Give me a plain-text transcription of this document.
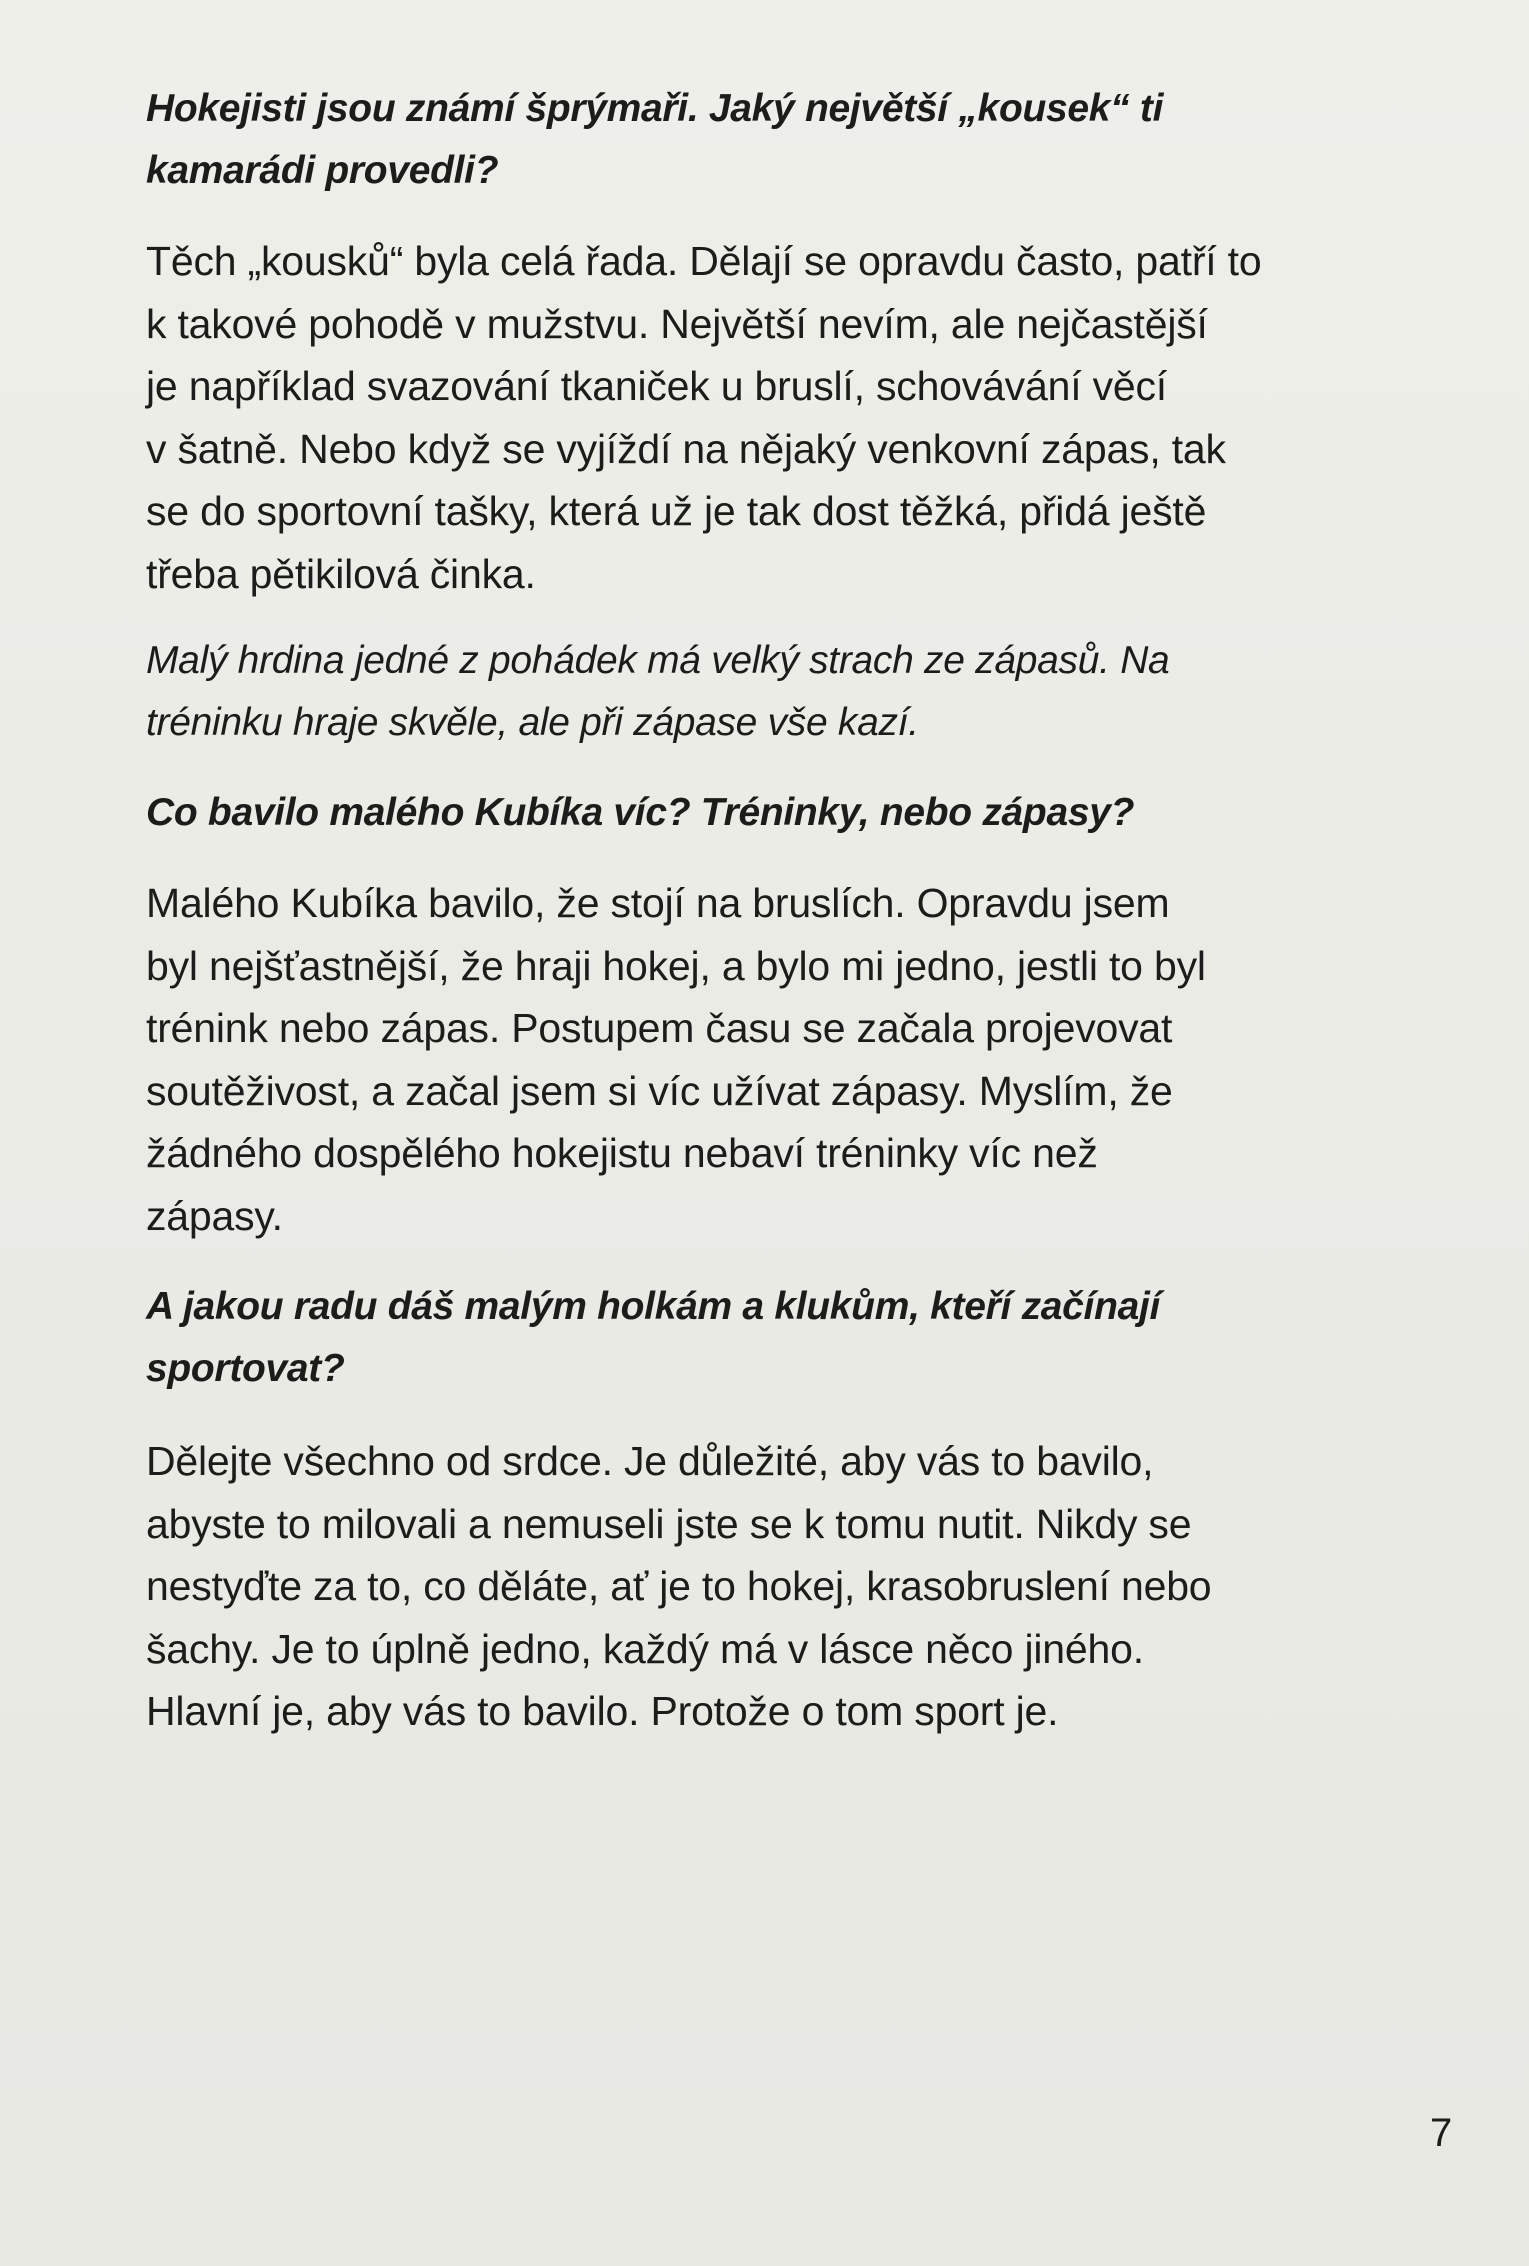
Hokejisti jsou známí šprýmaři. Jaký největší „kousek“ ti
kamarádi provedli?
Těch „kousků“ byla celá řada. Dělají se opravdu často, patří to
k takové pohodě v mužstvu. Největší nevím, ale nejčastější
je například svazování tkaniček u bruslí, schovávání věcí
v šatně. Nebo když se vyjíždí na nějaký venkovní zápas, tak
se do sportovní tašky, která už je tak dost těžká, přidá ještě
třeba pětikilová činka.
Malý hrdina jedné z pohádek má velký strach ze zápasů. Na
tréninku hraje skvěle, ale při zápase vše kazí.
Co bavilo malého Kubíka víc? Tréninky, nebo zápasy?
Malého Kubíka bavilo, že stojí na bruslích. Opravdu jsem
byl nejšťastnější, že hraji hokej, a bylo mi jedno, jestli to byl
trénink nebo zápas. Postupem času se začala projevovat
soutěživost, a začal jsem si víc užívat zápasy. Myslím, že
žádného dospělého hokejistu nebaví tréninky víc než
zápasy.
A jakou radu dáš malým holkám a klukům, kteří začínají
sportovat?
Dělejte všechno od srdce. Je důležité, aby vás to bavilo,
abyste to milovali a nemuseli jste se k tomu nutit. Nikdy se
nestyďte za to, co děláte, ať je to hokej, krasobruslení nebo
šachy. Je to úplně jedno, každý má v lásce něco jiného.
Hlavní je, aby vás to bavilo. Protože o tom sport je.
7
